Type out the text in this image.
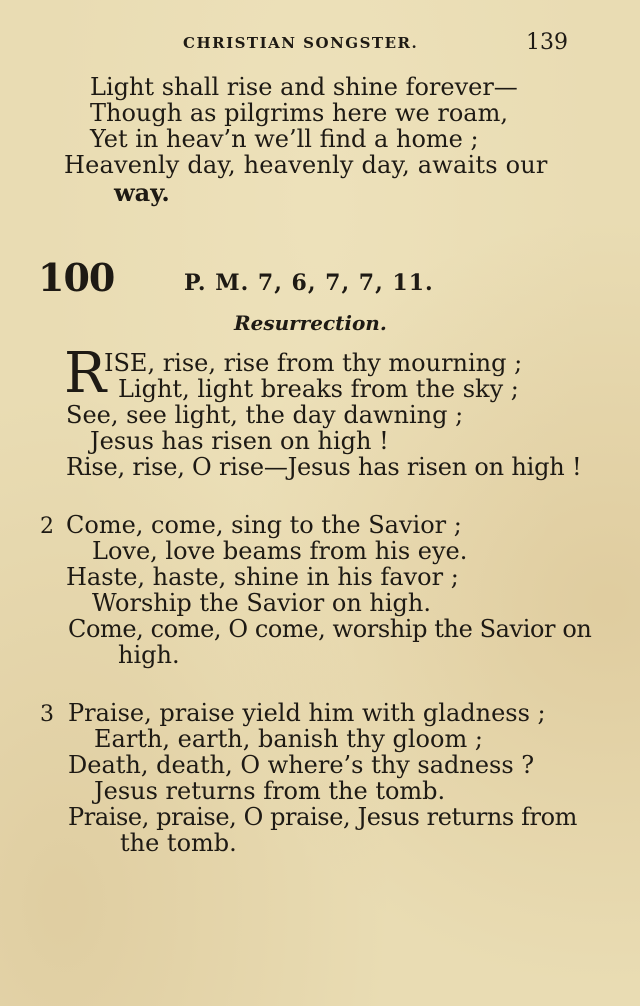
CHRISTIAN SONGSTER.	139
Light shall rise and shine forever—
Though as pilgrims here we roam,
Yet in heav’n we’ll find a home ;
Heavenly day, heavenly day, awaits our
way.
100	P. M. 7, 6, 7, 7, 11.
Resurrection.
R
ISE, rise, rise from thy mourning ;
Light, light breaks from the sky ;
See, see light, the day dawning ;
Jesus has risen on high !
Rise, rise, O rise—Jesus has risen on high !
2 Come, come, sing to the Savior ;
Love, love beams from his eye.
Haste, haste, shine in his favor ;
Worship the Savior on high.
Come, come, O come, worship the Savior on
high.
3 Praise, praise yield him with gladness ;
Earth, earth, banish thy gloom ;
Death, death, O where’s thy sadness ?
Jesus returns from the tomb.
Praise, praise, O praise, Jesus returns from
the tomb.
